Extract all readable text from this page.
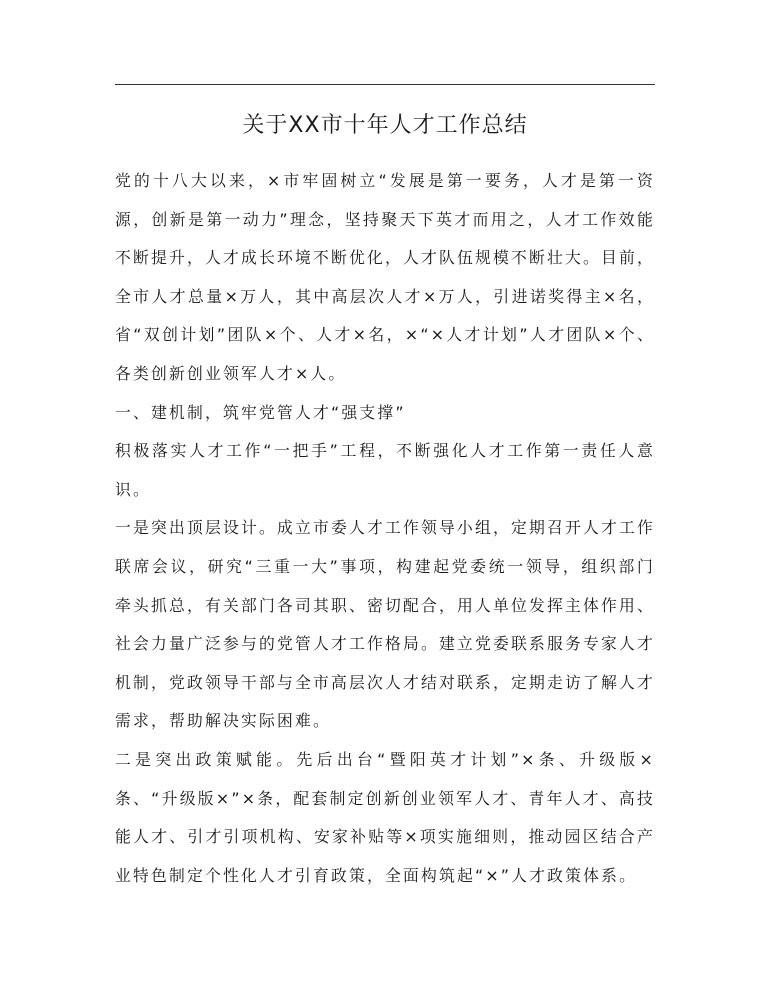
关于XX市十年人才工作总结

党的十八大以来，×市牢固树立“发展是第一要务，人才是第一资源，创新是第一动力”理念，坚持聚天下英才而用之，人才工作效能不断提升，人才成长环境不断优化，人才队伍规模不断壮大。目前，全市人才总量×万人，其中高层次人才×万人，引进诺奖得主×名，省“双创计划”团队×个、人才×名，×“×人才计划”人才团队×个、各类创新创业领军人才×人。

一、建机制，筑牢党管人才“强支撑”

积极落实人才工作“一把手”工程，不断强化人才工作第一责任人意识。

一是突出顶层设计。成立市委人才工作领导小组，定期召开人才工作联席会议，研究“三重一大”事项，构建起党委统一领导，组织部门牵头抓总，有关部门各司其职、密切配合，用人单位发挥主体作用、社会力量广泛参与的党管人才工作格局。建立党委联系服务专家人才机制，党政领导干部与全市高层次人才结对联系，定期走访了解人才需求，帮助解决实际困难。

二是突出政策赋能。先后出台“暨阳英才计划”×条、升级版×条、“升级版×”×条，配套制定创新创业领军人才、青年人才、高技能人才、引才引项机构、安家补贴等×项实施细则，推动园区结合产业特色制定个性化人才引育政策，全面构筑起“×”人才政策体系。
